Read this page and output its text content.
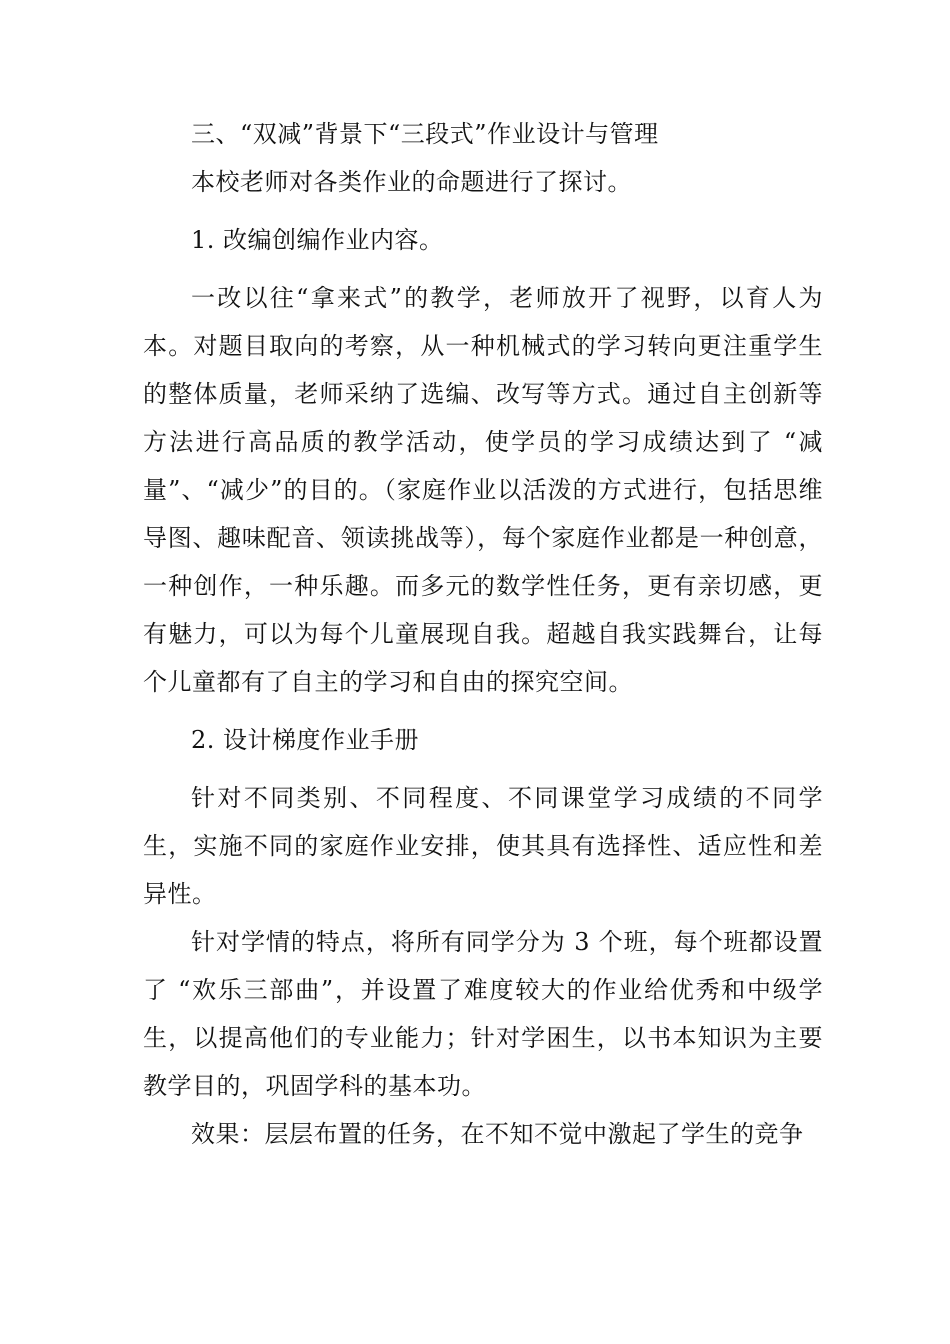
三、“双减”背景下“三段式”作业设计与管理

本校老师对各类作业的命题进行了探讨。

1. 改编创编作业内容。

一改以往“拿来式”的教学，老师放开了视野，以育人为本。对题目取向的考察，从一种机械式的学习转向更注重学生的整体质量，老师采纳了选编、改写等方式。通过自主创新等方法进行高品质的教学活动，使学员的学习成绩达到了 “减量”、“减少”的目的。（家庭作业以活泼的方式进行，包括思维导图、趣味配音、领读挑战等），每个家庭作业都是一种创意，一种创作，一种乐趣。而多元的数学性任务，更有亲切感，更有魅力，可以为每个儿童展现自我。超越自我实践舞台，让每个儿童都有了自主的学习和自由的探究空间。

2. 设计梯度作业手册

针对不同类别、不同程度、不同课堂学习成绩的不同学生，实施不同的家庭作业安排，使其具有选择性、适应性和差异性。

针对学情的特点，将所有同学分为 3 个班，每个班都设置了 “欢乐三部曲”，并设置了难度较大的作业给优秀和中级学生，以提高他们的专业能力；针对学困生，以书本知识为主要教学目的，巩固学科的基本功。

效果：层层布置的任务，在不知不觉中激起了学生的竞争
